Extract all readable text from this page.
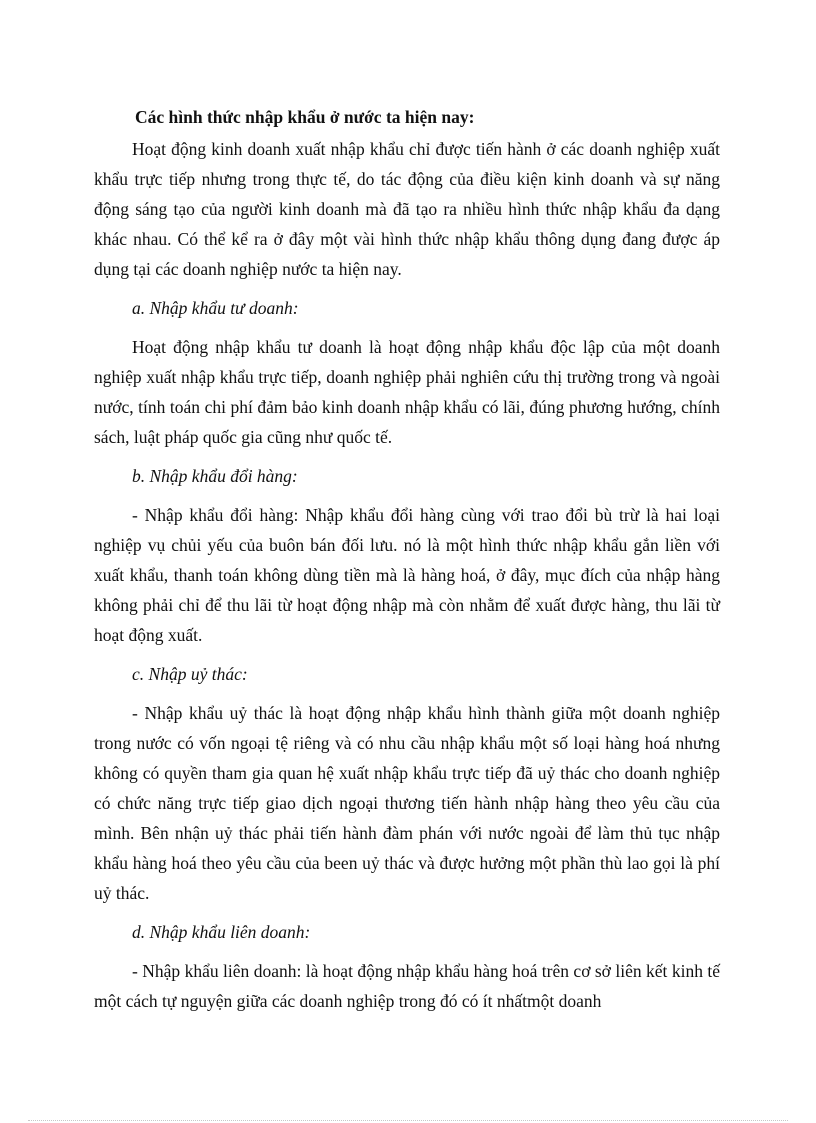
Các hình thức nhập khẩu ở nước ta hiện nay:

Hoạt động kinh doanh xuất nhập khẩu chỉ được tiến hành ở các doanh nghiệp xuất khẩu trực tiếp nhưng trong thực tế, do tác động của điều kiện kinh doanh và sự năng động sáng tạo của người kinh doanh mà đã tạo ra nhiều hình thức nhập khẩu đa dạng khác nhau. Có thể kể ra ở đây một vài hình thức nhập khẩu thông dụng đang được áp dụng tại các doanh nghiệp nước ta hiện nay.

a. Nhập khẩu tư doanh:

Hoạt động nhập khẩu tư doanh là hoạt động nhập khẩu độc lập của một doanh nghiệp xuất nhập khẩu trực tiếp, doanh nghiệp phải nghiên cứu thị trường trong và ngoài nước, tính toán chi phí đảm bảo kinh doanh nhập khẩu có lãi, đúng phương hướng, chính sách, luật pháp quốc gia cũng như quốc tế.

b. Nhập khẩu đổi hàng:

- Nhập khẩu đổi hàng: Nhập khẩu đổi hàng cùng với trao đổi bù trừ là hai loại nghiệp vụ chủi yếu của buôn bán đối lưu. nó là một hình thức nhập khẩu gắn liền với xuất khẩu, thanh toán không dùng tiền mà là hàng hoá, ở đây, mục đích của nhập hàng không phải chỉ để thu lãi từ hoạt động nhập mà còn nhằm để xuất được hàng, thu lãi từ hoạt động xuất.

c. Nhập uỷ thác:

- Nhập khẩu uỷ thác là hoạt động nhập khẩu hình thành giữa một doanh nghiệp trong nước có vốn ngoại tệ riêng và có nhu cầu nhập khẩu một số loại hàng hoá nhưng không có quyền tham gia quan hệ xuất nhập khẩu trực tiếp đã uỷ thác cho doanh nghiệp có chức năng trực tiếp giao dịch ngoại thương tiến hành nhập hàng theo yêu cầu của mình. Bên nhận uỷ thác phải tiến hành đàm phán với nước ngoài để làm thủ tục nhập khẩu hàng hoá theo yêu cầu của been uỷ thác và được hưởng một phần thù lao gọi là phí uỷ thác.

d. Nhập khẩu liên doanh:

- Nhập khẩu liên doanh: là hoạt động nhập khẩu hàng hoá trên cơ sở liên kết kinh tế một cách tự nguyện giữa các doanh nghiệp trong đó có ít nhấtmột doanh
